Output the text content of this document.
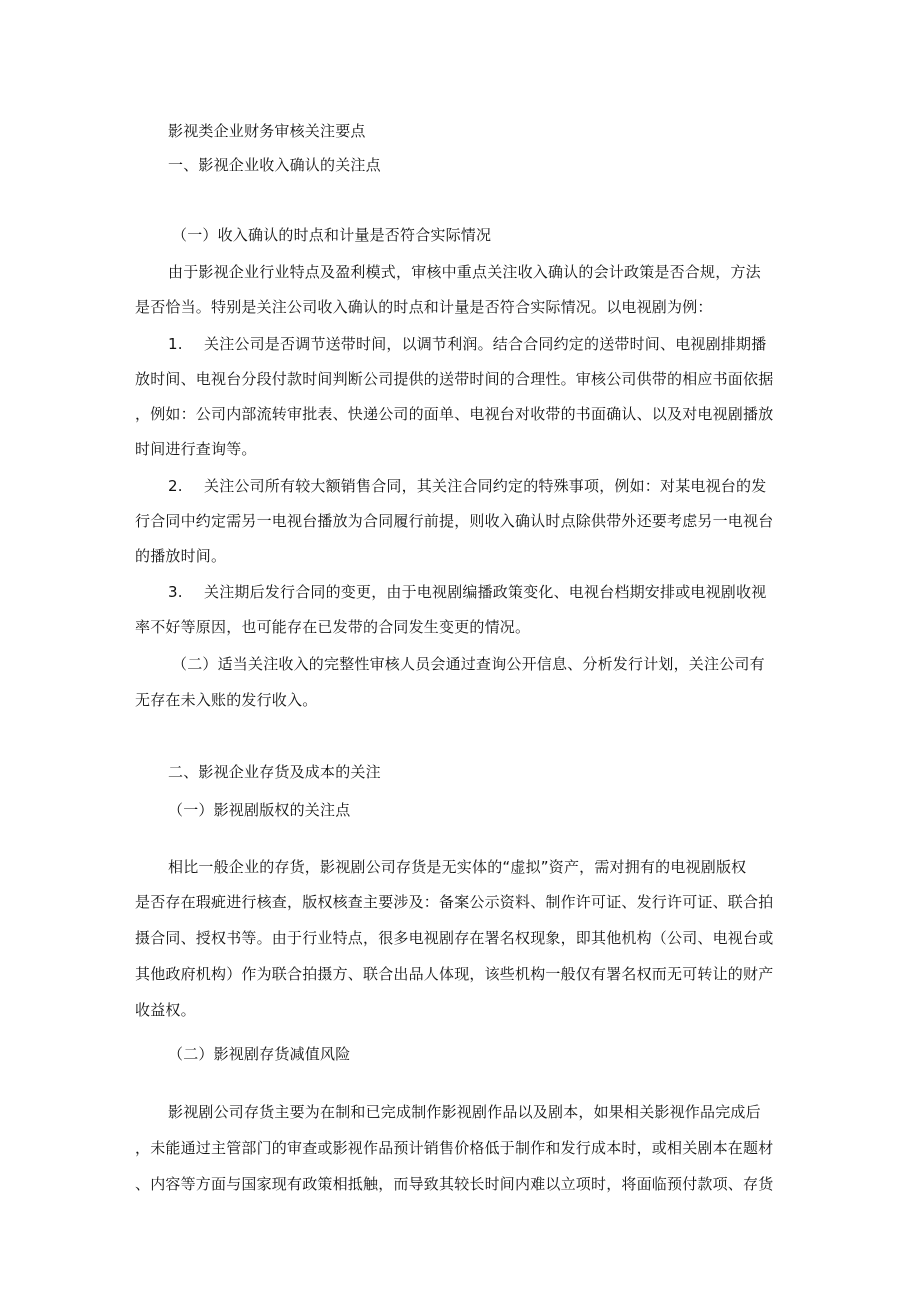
影视类企业财务审核关注要点
一、影视企业收入确认的关注点
（一）收入确认的时点和计量是否符合实际情况
由于影视企业行业特点及盈利模式，审核中重点关注收入确认的会计政策是否合规，方法
是否恰当。特别是关注公司收入确认的时点和计量是否符合实际情况。以电视剧为例：
1.	关注公司是否调节送带时间，以调节利润。结合合同约定的送带时间、电视剧排期播
放时间、电视台分段付款时间判断公司提供的送带时间的合理性。审核公司供带的相应书面依据
，例如：公司内部流转审批表、快递公司的面单、电视台对收带的书面确认、以及对电视剧播放
时间进行查询等。
2.	关注公司所有较大额销售合同，其关注合同约定的特殊事项，例如：对某电视台的发
行合同中约定需另一电视台播放为合同履行前提，则收入确认时点除供带外还要考虑另一电视台
的播放时间。
3.	关注期后发行合同的变更，由于电视剧编播政策变化、电视台档期安排或电视剧收视
率不好等原因，也可能存在已发带的合同发生变更的情况。
（二）适当关注收入的完整性审核人员会通过查询公开信息、分析发行计划，关注公司有
无存在未入账的发行收入。
二、影视企业存货及成本的关注
（一）影视剧版权的关注点
相比一般企业的存货，影视剧公司存货是无实体的“虚拟”资产，需对拥有的电视剧版权
是否存在瑕疵进行核查，版权核查主要涉及：备案公示资料、制作许可证、发行许可证、联合拍
摄合同、授权书等。由于行业特点，很多电视剧存在署名权现象，即其他机构（公司、电视台或
其他政府机构）作为联合拍摄方、联合出品人体现，该些机构一般仅有署名权而无可转让的财产
收益权。
（二）影视剧存货减值风险
影视剧公司存货主要为在制和已完成制作影视剧作品以及剧本，如果相关影视作品完成后
，未能通过主管部门的审查或影视作品预计销售价格低于制作和发行成本时，或相关剧本在题材
、内容等方面与国家现有政策相抵触，而导致其较长时间内难以立项时，将面临预付款项、存货
